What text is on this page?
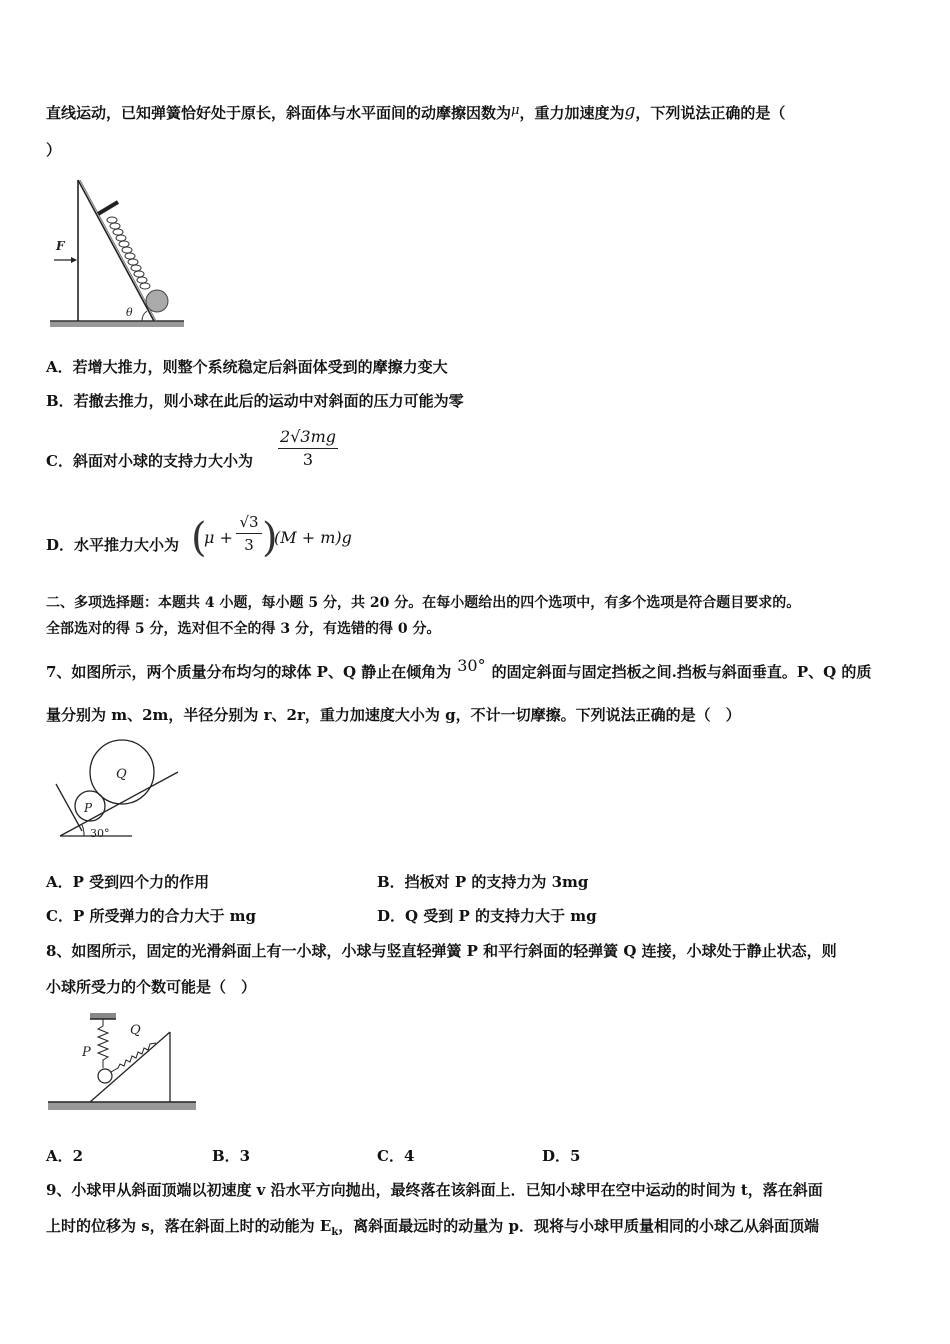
直线运动，已知弹簧恰好处于原长，斜面体与水平面间的动摩擦因数为μ，重力加速度为g，下列说法正确的是（
）
F
θ
A．若增大推力，则整个系统稳定后斜面体受到的摩擦力变大
B．若撤去推力，则小球在此后的运动中对斜面的压力可能为零
C．斜面对小球的支持力大小为 $\frac{2√3mg}{3}$
D．水平推力大小为 (
$\mu + \frac{√3}{3}$ )
(M + m)g
二、多项选择题：本题共 4 小题，每小题 5 分，共 20 分。在每小题给出的四个选项中，有多个选项是符合题目要求的。
全部选对的得 5 分，选对但不全的得 3 分，有选错的得 0 分。
7、如图所示，两个质量分布均匀的球体 P、Q 静止在倾角为 30° 的固定斜面与固定挡板之间.挡板与斜面垂直。P、Q 的质
量分别为 m、2m，半径分别为 r、2r，重力加速度大小为 g，不计一切摩擦。下列说法正确的是（　）
P
Q
30°
A．P 受到四个力的作用	B．挡板对 P 的支持力为 3mg
C．P 所受弹力的合力大于 mg	D．Q 受到 P 的支持力大于 mg
8、如图所示，固定的光滑斜面上有一小球，小球与竖直轻弹簧 P 和平行斜面的轻弹簧 Q 连接，小球处于静止状态，则
小球所受力的个数可能是（　）
P
Q
A．2	B．3	C．4	D．5
9、小球甲从斜面顶端以初速度 v 沿水平方向抛出，最终落在该斜面上．已知小球甲在空中运动的时间为 t，落在斜面
上时的位移为 s，落在斜面上时的动能为 $E_k$，离斜面最远时的动量为 p．现将与小球甲质量相同的小球乙从斜面顶端
